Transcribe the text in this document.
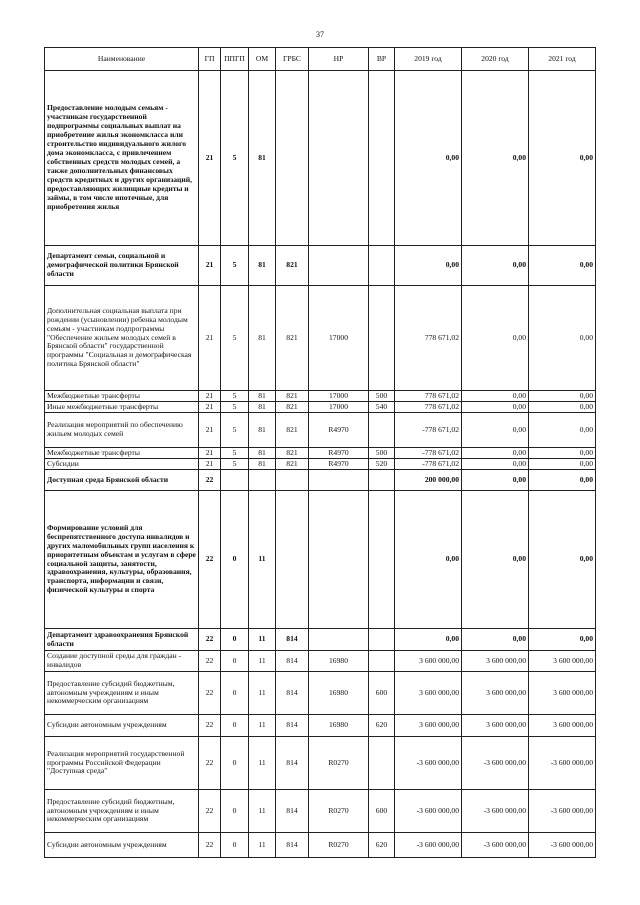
37
Наименование	ГП	ППГП	ОМ	ГРБС	НР	ВР	2019 год	2020 год	2021 год
Предоставление молодым семьям - участникам государственной подпрограммы социальных выплат на приобретение жилья экономкласса или строительство индивидуального жилого дома экономкласса, с привлечением собственных средств молодых семей, а также дополнительных финансовых средств кредитных и других организаций, предоставляющих жилищные кредиты и займы, в том числе ипотечные, для приобретения жилья	21	5	81				0,00	0,00	0,00
Департамент семьи, социальной и демографической политики Брянской области	21	5	81	821			0,00	0,00	0,00
Дополнительная социальная выплата при рождении (усыновлении) ребенка молодым семьям - участникам подпрограммы "Обеспечение жильем молодых семей в Брянской области" государственной программы "Социальная и демографическая политика Брянской области"	21	5	81	821	17000		778 671,02	0,00	0,00
Межбюджетные трансферты	21	5	81	821	17000	500	778 671,02	0,00	0,00
Иные межбюджетные трансферты	21	5	81	821	17000	540	778 671,02	0,00	0,00
Реализация мероприятий по обеспечению жильем молодых семей	21	5	81	821	R4970		-778 671,02	0,00	0,00
Межбюджетные трансферты	21	5	81	821	R4970	500	-778 671,02	0,00	0,00
Субсидии	21	5	81	821	R4970	520	-778 671,02	0,00	0,00
Доступная среда Брянской области	22						200 000,00	0,00	0,00
Формирование условий для беспрепятственного доступа инвалидов и других маломобильных групп населения к приоритетным объектам и услугам в сфере социальной защиты, занятости, здравоохранения, культуры, образования, транспорта, информации и связи, физической культуры и спорта	22	0	11				0,00	0,00	0,00
Департамент здравоохранения Брянской области	22	0	11	814			0,00	0,00	0,00
Создание доступной среды для граждан - инвалидов	22	0	11	814	16980		3 600 000,00	3 600 000,00	3 600 000,00
Предоставление субсидий бюджетным, автономным учреждениям и иным некоммерческим организациям	22	0	11	814	16980	600	3 600 000,00	3 600 000,00	3 600 000,00
Субсидии автономным учреждениям	22	0	11	814	16980	620	3 600 000,00	3 600 000,00	3 600 000,00
Реализация мероприятий государственной программы Российской Федерации "Доступная среда"	22	0	11	814	R0270		-3 600 000,00	-3 600 000,00	-3 600 000,00
Предоставление субсидий бюджетным, автономным учреждениям и иным некоммерческим организациям	22	0	11	814	R0270	600	-3 600 000,00	-3 600 000,00	-3 600 000,00
Субсидии автономным учреждениям	22	0	11	814	R0270	620	-3 600 000,00	-3 600 000,00	-3 600 000,00
